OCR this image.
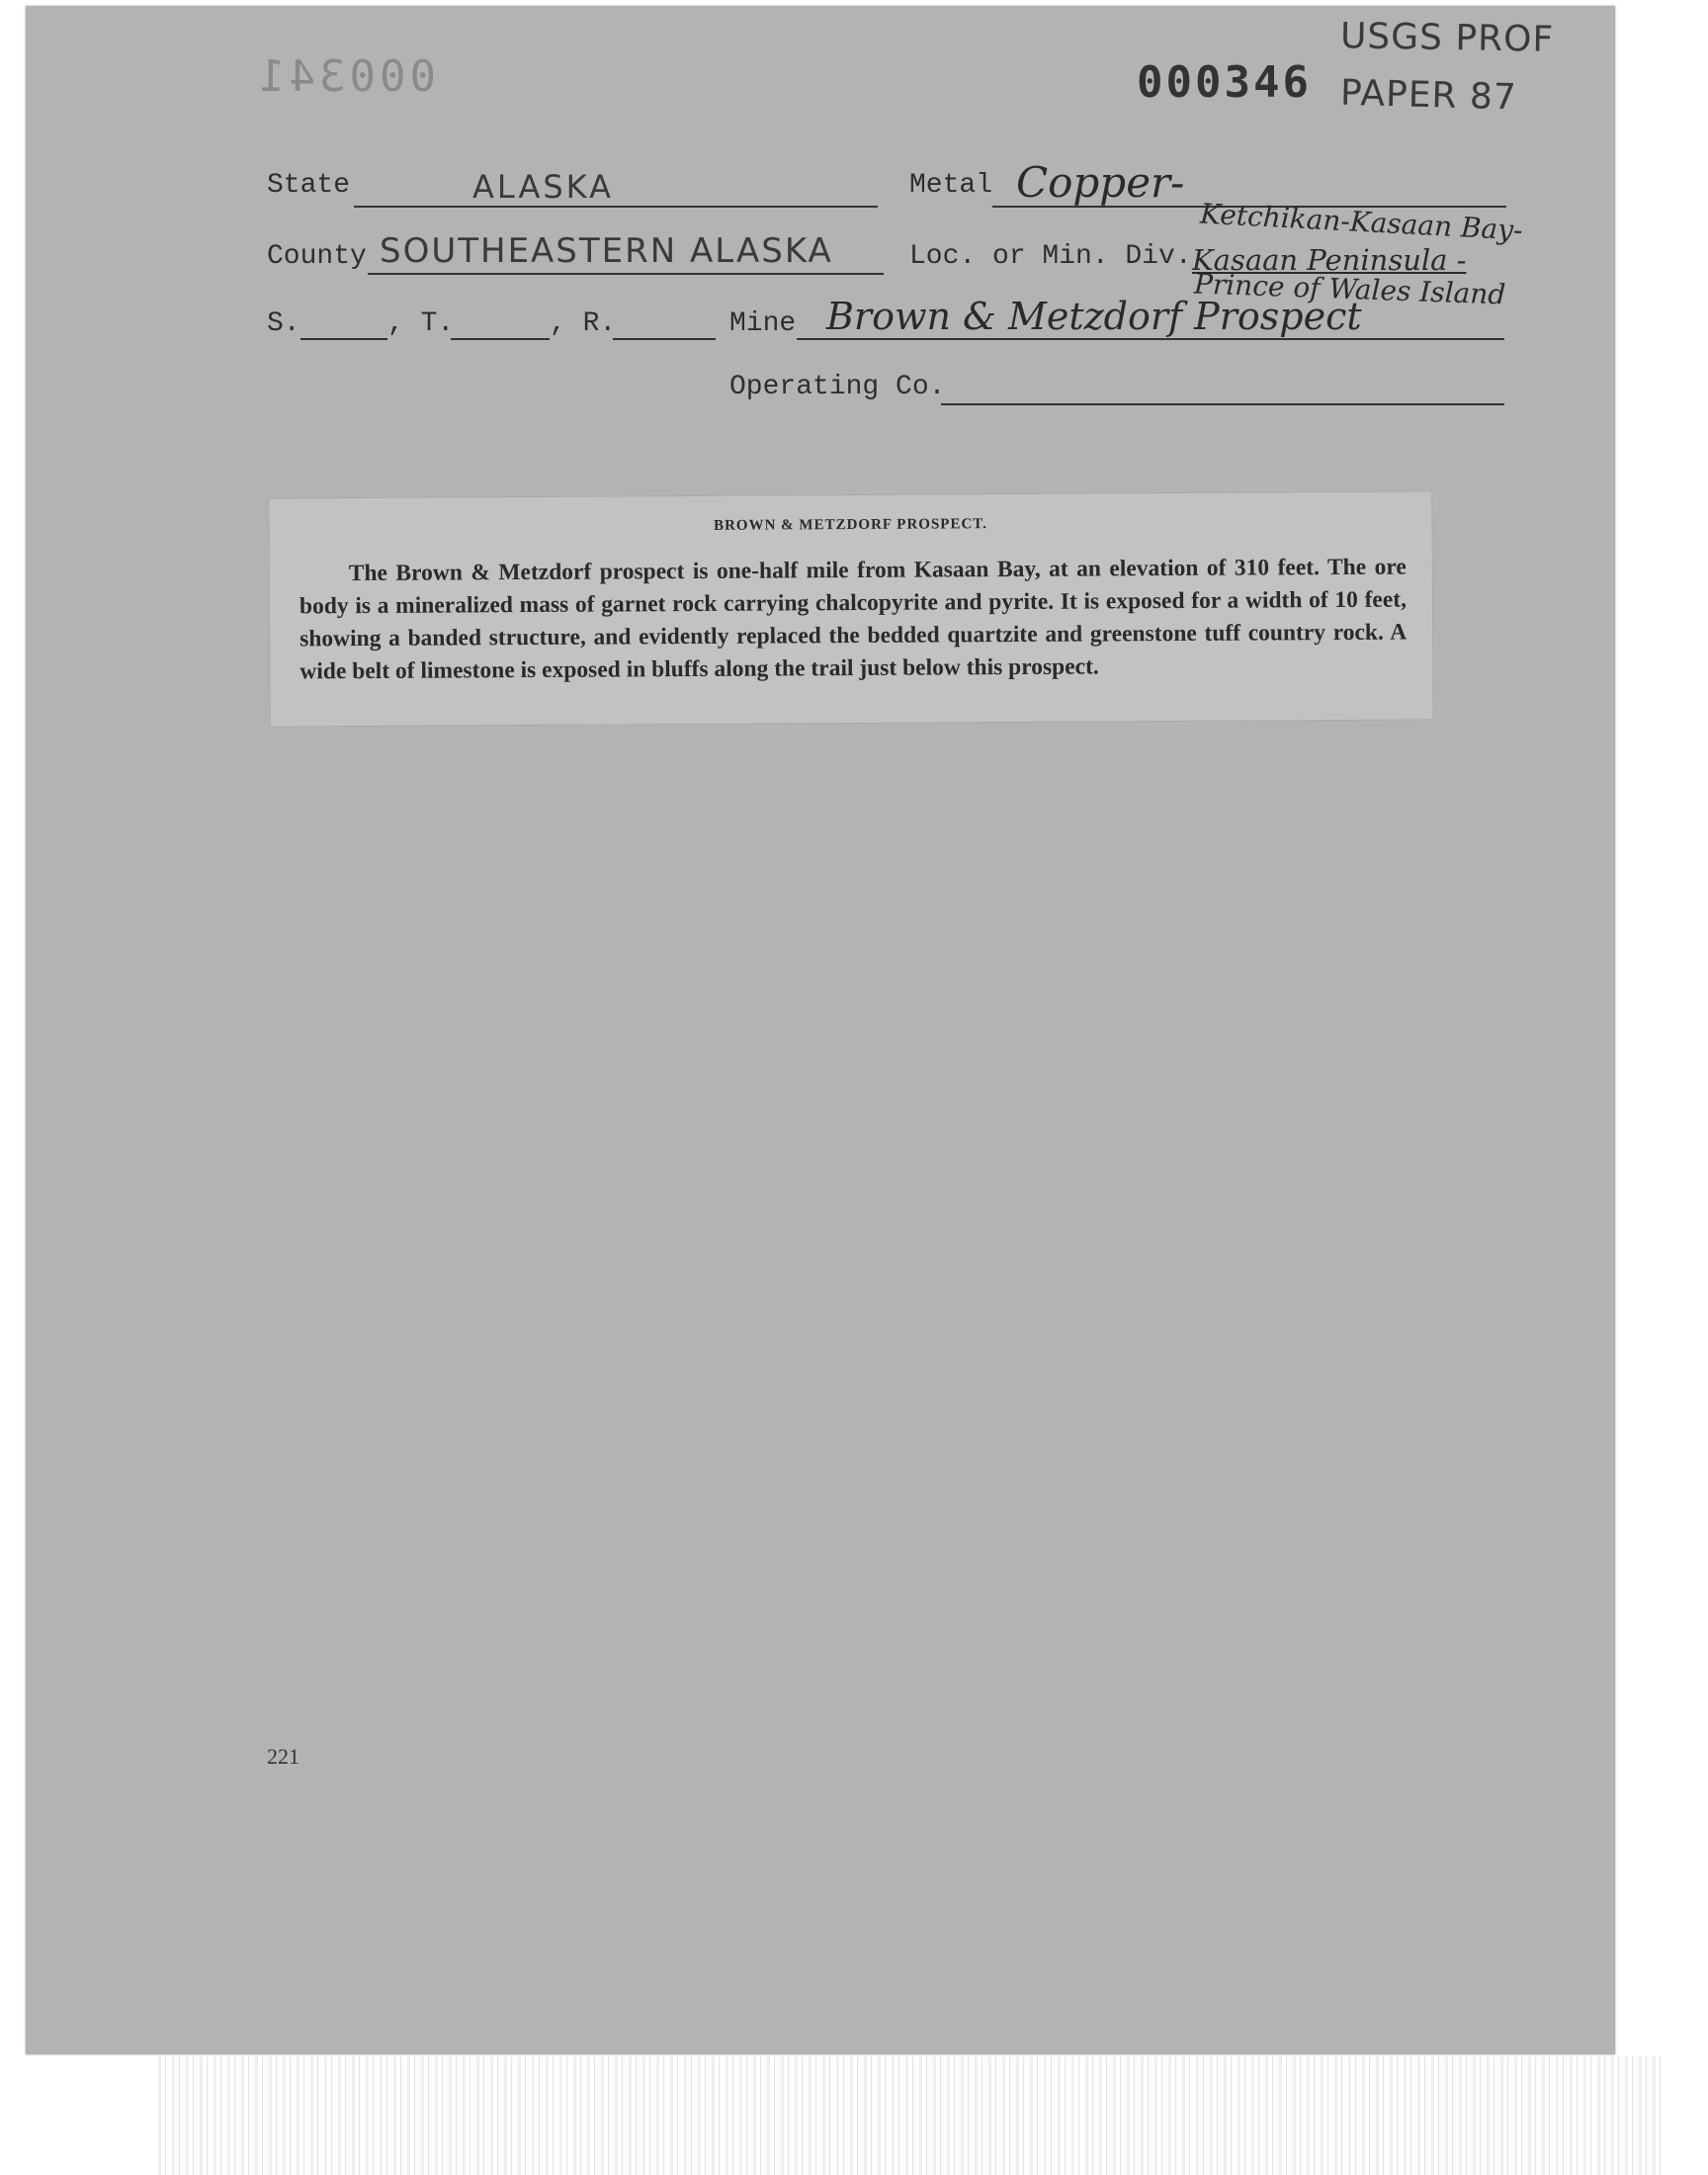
000341	000346
USGS PROF
PAPER 87
State	ALASKA	Metal Copper-
County SOUTHEASTERN ALASKA	Loc. or Min. Div.
Ketchikan-Kasaan Bay-
Kasaan Peninsula -
Prince of Wales Island
S.	, T.	, R.	Mine Brown & Metzdorf Prospect
Operating Co.
BROWN & METZDORF PROSPECT.
The Brown & Metzdorf prospect is one-half mile from Kasaan Bay, at an elevation of 310 feet. The ore body is a mineralized mass of garnet rock carrying chalcopyrite and pyrite. It is exposed for a width of 10 feet, showing a banded structure, and evidently replaced the bedded quartzite and greenstone tuff country rock. A wide belt of limestone is exposed in bluffs along the trail just below this prospect.
221
